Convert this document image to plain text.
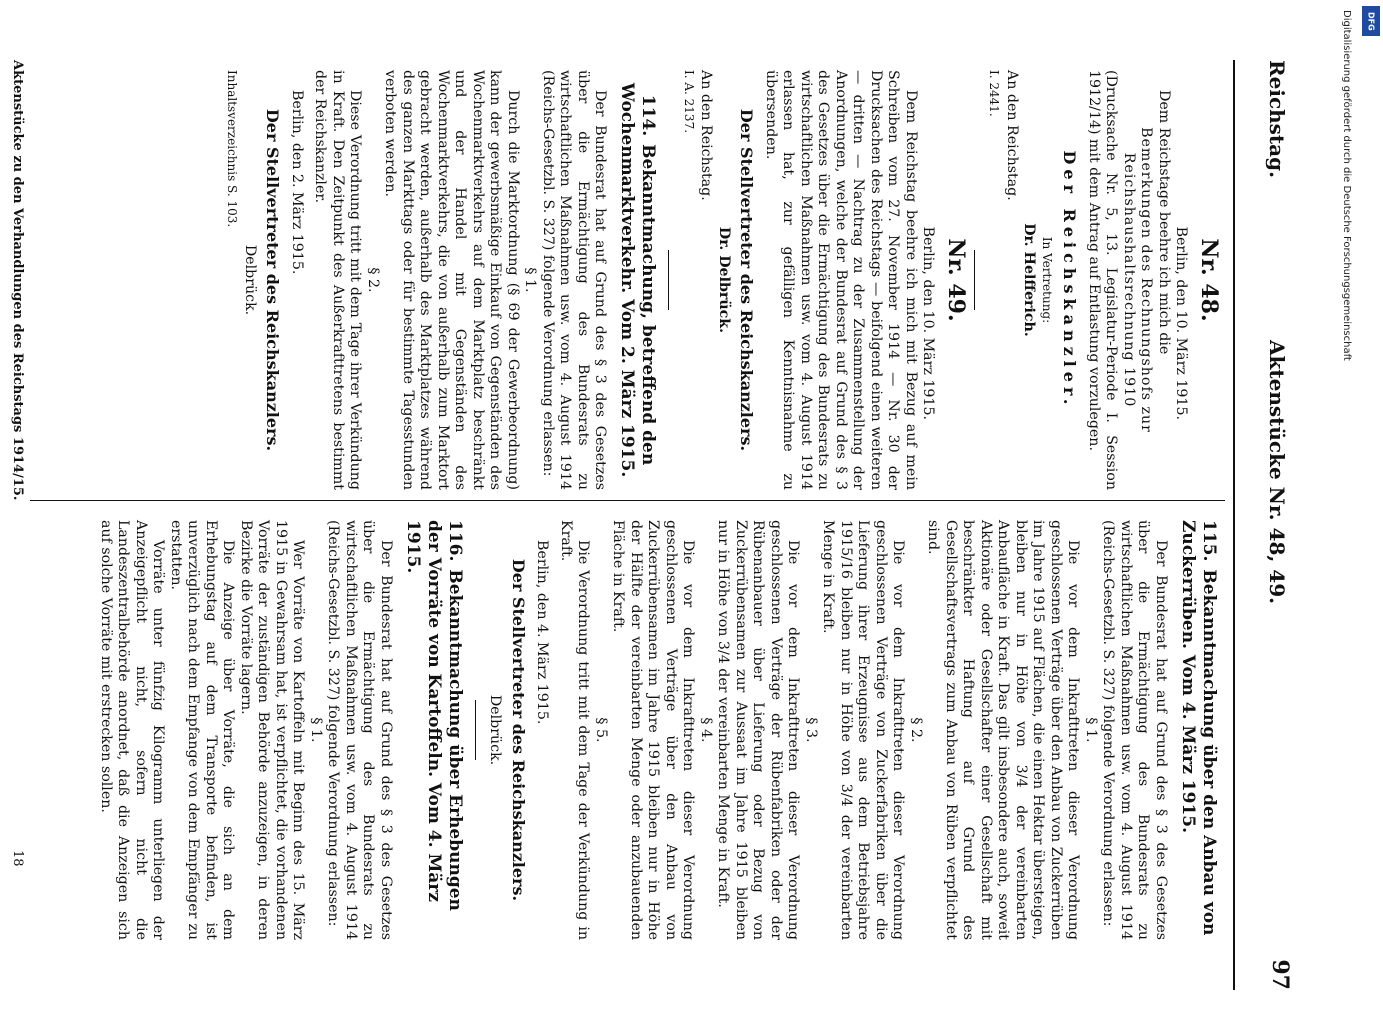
DFG
Digitalisierung gefördert durch die Deutsche Forschungsgemeinschaft
Reichstag.
Aktenstücke Nr. 48, 49.
97
Nr. 48.

Berlin, den 10. März 1915.

Dem Reichstage beehre ich mich die

Bemerkungen des Rechnungshofs zur Reichshaushaltsrechnung 1910

(Drucksache Nr. 5, 13. Legislatur-Periode I. Session 1912/14) mit dem Antrag auf Entlastung vorzulegen.

Der Reichskanzler.

In Vertretung:

Dr. Helfferich.

An den Reichstag.

I. 2441.

Nr. 49.

Berlin, den 10. März 1915.

Dem Reichstag beehre ich mich mit Bezug auf mein Schreiben vom 27. November 1914 — Nr. 30 der Drucksachen des Reichstags — beifolgend einen weiteren — dritten — Nachtrag zu der Zusammenstellung der Anordnungen, welche der Bundesrat auf Grund des § 3 des Gesetzes über die Ermächtigung des Bundesrats zu wirtschaftlichen Maßnahmen usw. vom 4. August 1914 erlassen hat, zur gefälligen Kenntnisnahme zu übersenden.

Der Stellvertreter des Reichskanzlers.

Dr. Delbrück.

An den Reichstag.

I. A. 2137.

114.Bekanntmachung, betreffend den Wochenmarktverkehr. Vom 2. März 1915.

Der Bundesrat hat auf Grund des § 3 des Gesetzes über die Ermächtigung des Bundesrats zu wirtschaftlichen Maßnahmen usw. vom 4. August 1914 (Reichs-Gesetzbl. S. 327) folgende Verordnung erlassen:

§ 1.

Durch die Marktordnung (§ 69 der Gewerbeordnung) kann der gewerbsmäßige Einkauf von Gegenständen des Wochenmarktverkehrs auf dem Marktplatz beschränkt und der Handel mit Gegenständen des Wochenmarktverkehrs, die von außerhalb zum Marktort gebracht werden, außerhalb des Marktplatzes während des ganzen Markttags oder für bestimmte Tagesstunden verboten werden.

§ 2.

Diese Verordnung tritt mit dem Tage ihrer Verkündung in Kraft. Den Zeitpunkt des Außerkrafttretens bestimmt der Reichskanzler.

Berlin, den 2. März 1915.

Der Stellvertreter des Reichskanzlers.

Delbrück.

Inhaltsverzeichnis S. 103.

115.Bekanntmachung über den Anbau von Zuckerrüben. Vom 4. März 1915.

Der Bundesrat hat auf Grund des § 3 des Gesetzes über die Ermächtigung des Bundesrats zu wirtschaftlichen Maßnahmen usw. vom 4. August 1914 (Reichs-Gesetzbl. S. 327) folgende Verordnung erlassen:

§ 1.

Die vor dem Inkrafttreten dieser Verordnung geschlossenen Verträge über den Anbau von Zuckerrüben im Jahre 1915 auf Flächen, die einen Hektar übersteigen, bleiben nur in Höhe von 3/4 der vereinbarten Anbaufläche in Kraft. Das gilt insbesondere auch, soweit Aktionäre oder Gesellschafter einer Gesellschaft mit beschränkter Haftung auf Grund des Gesellschaftsvertrags zum Anbau von Rüben verpflichtet sind.

§ 2.

Die vor dem Inkrafttreten dieser Verordnung geschlossenen Verträge von Zuckerfabriken über die Lieferung ihrer Erzeugnisse aus dem Betriebsjahre 1915/16 bleiben nur in Höhe von 3/4 der vereinbarten Menge in Kraft.

§ 3.

Die vor dem Inkrafttreten dieser Verordnung geschlossenen Verträge der Rübenfabriken oder der Rübenanbauer über Lieferung oder Bezug von Zuckerrübensamen zur Aussaat im Jahre 1915 bleiben nur in Höhe von 3/4 der vereinbarten Menge in Kraft.

§ 4.

Die vor dem Inkrafttreten dieser Verordnung geschlossenen Verträge über den Anbau von Zuckerrübensamen im Jahre 1915 bleiben nur in Höhe der Hälfte der vereinbarten Menge oder anzubauenden Fläche in Kraft.

§ 5.

Die Verordnung tritt mit dem Tage der Verkündung in Kraft.

Berlin, den 4. März 1915.

Der Stellvertreter des Reichskanzlers.

Delbrück.

116.Bekanntmachung über Erhebungen der Vorräte von Kartoffeln. Vom 4. März 1915.

Der Bundesrat hat auf Grund des § 3 des Gesetzes über die Ermächtigung des Bundesrats zu wirtschaftlichen Maßnahmen usw. vom 4. August 1914 (Reichs-Gesetzbl. S. 327) folgende Verordnung erlassen:

§ 1.

Wer Vorräte von Kartoffeln mit Beginn des 15. März 1915 in Gewahrsam hat, ist verpflichtet, die vorhandenen Vorräte der zuständigen Behörde anzuzeigen, in deren Bezirke die Vorräte lagern.

Die Anzeige über Vorräte, die sich an dem Erhebungstag auf dem Transporte befinden, ist unverzüglich nach dem Empfange von dem Empfänger zu erstatten.

Vorräte unter fünfzig Kilogramm unterliegen der Anzeigepflicht nicht, sofern nicht die Landeszentralbehörde anordnet, daß die Anzeigen sich auf solche Vorräte mit erstrecken sollen.

Aktenstücke zu den Verhandlungen des Reichstags 1914/15.
18
